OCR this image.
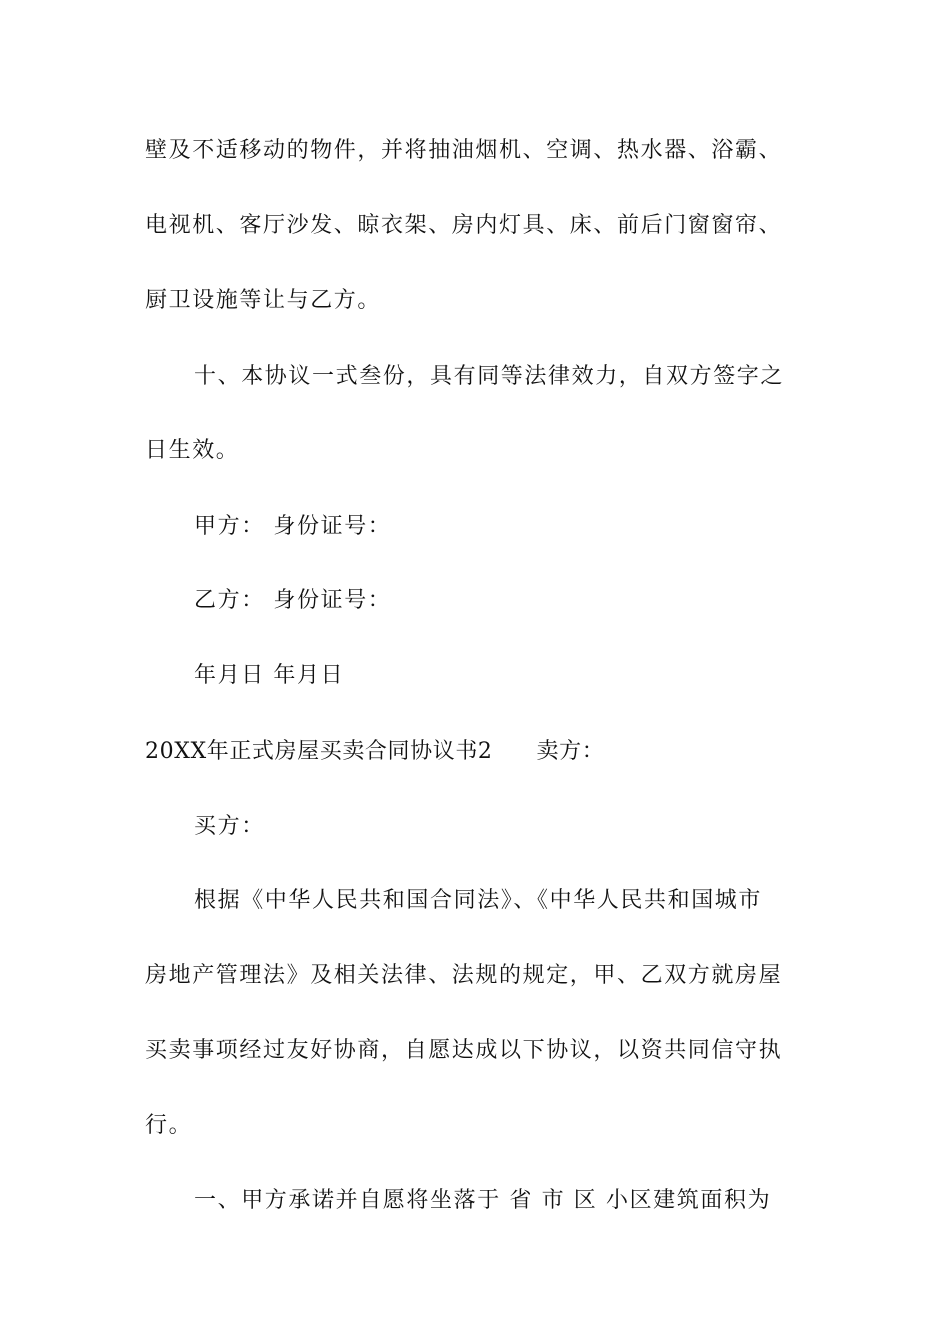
壁及不适移动的物件，并将抽油烟机、空调、热水器、浴霸、
电视机、客厅沙发、晾衣架、房内灯具、床、前后门窗窗帘、
厨卫设施等让与乙方。
十、本协议一式叁份，具有同等法律效力，自双方签字之
日生效。
甲方： 身份证号：
乙方： 身份证号：
年月日 年月日
20XX年正式房屋买卖合同协议书2 卖方：
买方：
根据《中华人民共和国合同法》、《中华人民共和国城市
房地产管理法》及相关法律、法规的规定，甲、乙双方就房屋
买卖事项经过友好协商，自愿达成以下协议，以资共同信守执
行。
一、甲方承诺并自愿将坐落于 省 市 区 小区建筑面积为
